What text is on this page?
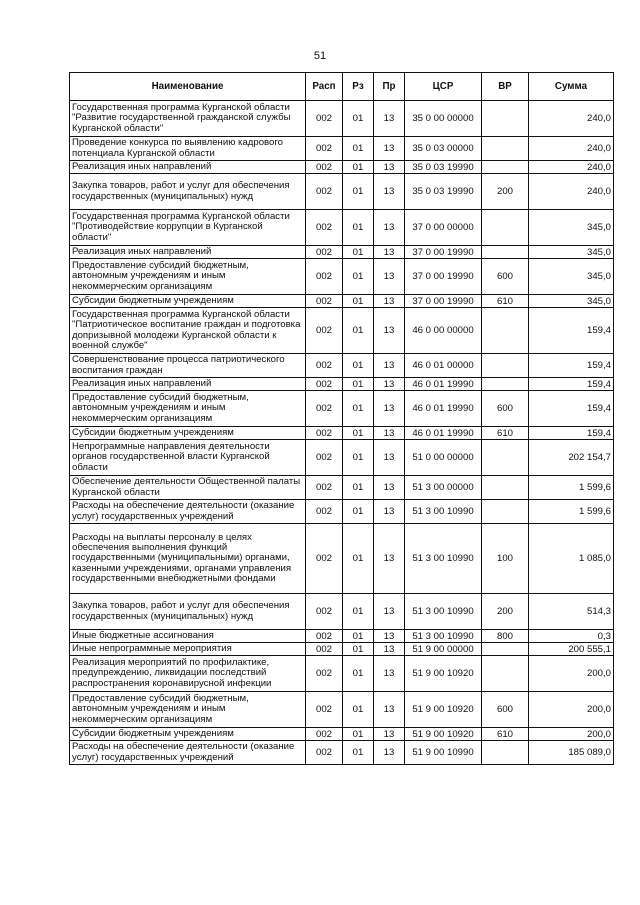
51
Наименование	Расп	Рз	Пр	ЦСР	ВР	Сумма
Государственная программа Курганской области "Развитие государственной гражданской службы Курганской области"	002	01	13	35 0 00 00000		240,0
Проведение конкурса по выявлению кадрового потенциала Курганской области	002	01	13	35 0 03 00000		240,0
Реализация иных направлений	002	01	13	35 0 03 19990		240,0
Закупка товаров, работ и услуг для обеспечения государственных (муниципальных) нужд	002	01	13	35 0 03 19990	200	240,0
Государственная программа Курганской области "Противодействие коррупции в Курганской области"	002	01	13	37 0 00 00000		345,0
Реализация иных направлений	002	01	13	37 0 00 19990		345,0
Предоставление субсидий бюджетным, автономным учреждениям и иным некоммерческим организациям	002	01	13	37 0 00 19990	600	345,0
Субсидии бюджетным учреждениям	002	01	13	37 0 00 19990	610	345,0
Государственная программа Курганской области "Патриотическое воспитание граждан и подготовка допризывной молодежи Курганской области к военной службе"	002	01	13	46 0 00 00000		159,4
Совершенствование процесса патриотического воспитания граждан	002	01	13	46 0 01 00000		159,4
Реализация иных направлений	002	01	13	46 0 01 19990		159,4
Предоставление субсидий бюджетным, автономным учреждениям и иным некоммерческим организациям	002	01	13	46 0 01 19990	600	159,4
Субсидии бюджетным учреждениям	002	01	13	46 0 01 19990	610	159,4
Непрограммные направления деятельности органов государственной власти Курганской области	002	01	13	51 0 00 00000		202 154,7
Обеспечение деятельности Общественной палаты Курганской области	002	01	13	51 3 00 00000		1 599,6
Расходы на обеспечение деятельности (оказание услуг) государственных учреждений	002	01	13	51 3 00 10990		1 599,6
Расходы на выплаты персоналу в целях обеспечения выполнения функций государственными (муниципальными) органами, казенными учреждениями, органами управления государственными внебюджетными фондами	002	01	13	51 3 00 10990	100	1 085,0
Закупка товаров, работ и услуг для обеспечения государственных (муниципальных) нужд	002	01	13	51 3 00 10990	200	514,3
Иные бюджетные ассигнования	002	01	13	51 3 00 10990	800	0,3
Иные непрограммные мероприятия	002	01	13	51 9 00 00000		200 555,1
Реализация мероприятий по профилактике, предупреждению, ликвидации последствий распространения коронавирусной инфекции	002	01	13	51 9 00 10920		200,0
Предоставление субсидий бюджетным, автономным учреждениям и иным некоммерческим организациям	002	01	13	51 9 00 10920	600	200,0
Субсидии бюджетным учреждениям	002	01	13	51 9 00 10920	610	200,0
Расходы на обеспечение деятельности (оказание услуг) государственных учреждений	002	01	13	51 9 00 10990		185 089,0
